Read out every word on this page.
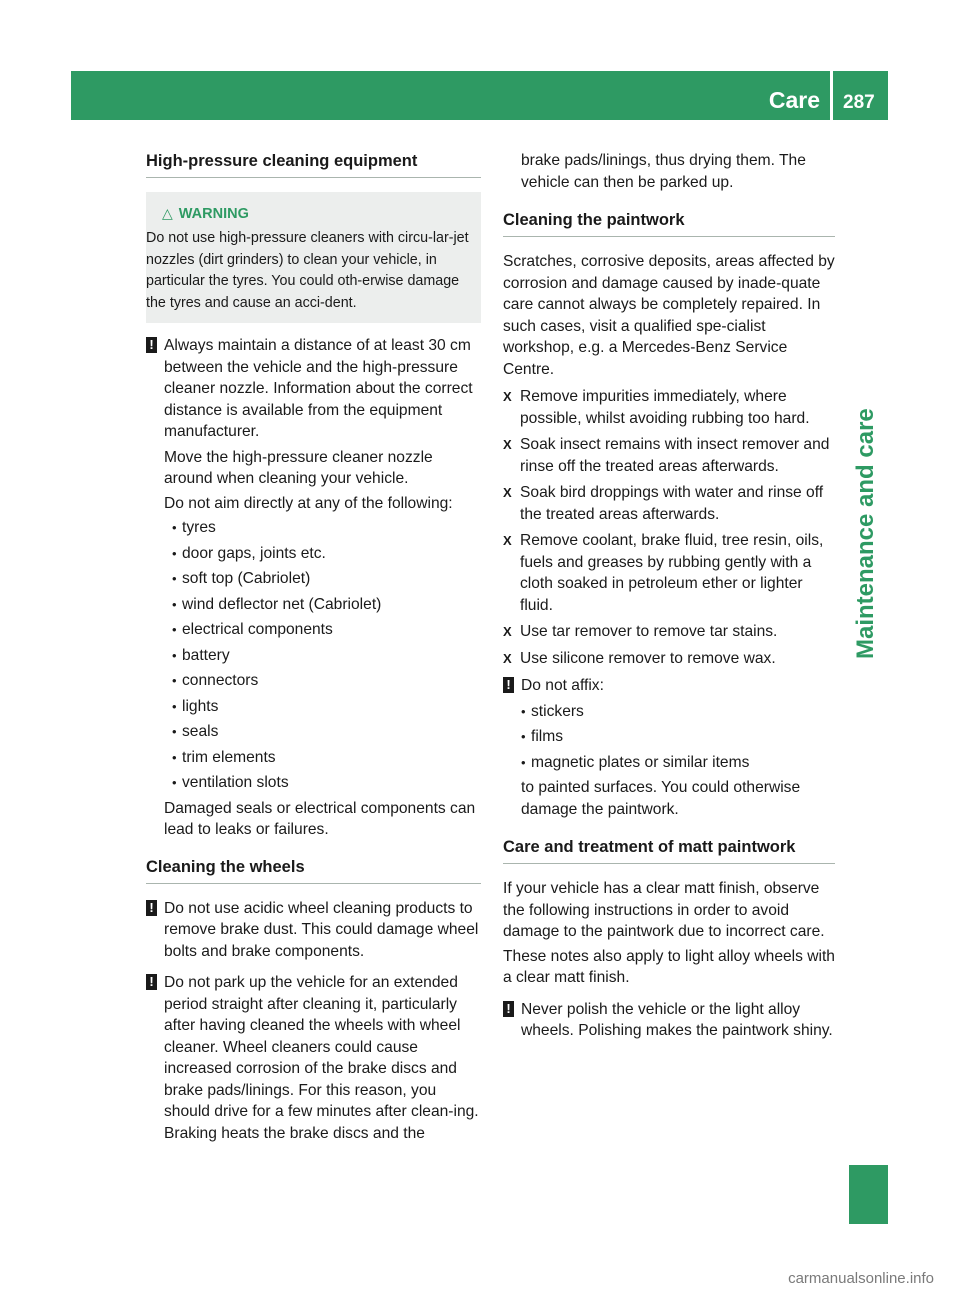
Care 287
Maintenance and care
High-pressure cleaning equipment
△ WARNING
Do not use high-pressure cleaners with circu-lar-jet nozzles (dirt grinders) to clean your vehicle, in particular the tyres. You could oth-erwise damage the tyres and cause an acci-dent.
! Always maintain a distance of at least 30 cm between the vehicle and the high-pressure cleaner nozzle. Information about the correct distance is available from the equipment manufacturer.
Move the high-pressure cleaner nozzle around when cleaning your vehicle.
Do not aim directly at any of the following:
• tyres
• door gaps, joints etc.
• soft top (Cabriolet)
• wind deflector net (Cabriolet)
• electrical components
• battery
• connectors
• lights
• seals
• trim elements
• ventilation slots
Damaged seals or electrical components can lead to leaks or failures.
Cleaning the wheels
! Do not use acidic wheel cleaning products to remove brake dust. This could damage wheel bolts and brake components.
! Do not park up the vehicle for an extended period straight after cleaning it, particularly after having cleaned the wheels with wheel cleaner. Wheel cleaners could cause increased corrosion of the brake discs and brake pads/linings. For this reason, you should drive for a few minutes after clean-ing. Braking heats the brake discs and the
brake pads/linings, thus drying them. The vehicle can then be parked up.
Cleaning the paintwork
Scratches, corrosive deposits, areas affected by corrosion and damage caused by inade-quate care cannot always be completely repaired. In such cases, visit a qualified spe-cialist workshop, e.g. a Mercedes-Benz Service Centre.
X Remove impurities immediately, where possible, whilst avoiding rubbing too hard.
X Soak insect remains with insect remover and rinse off the treated areas afterwards.
X Soak bird droppings with water and rinse off the treated areas afterwards.
X Remove coolant, brake fluid, tree resin, oils, fuels and greases by rubbing gently with a cloth soaked in petroleum ether or lighter fluid.
X Use tar remover to remove tar stains.
X Use silicone remover to remove wax.
! Do not affix:
• stickers
• films
• magnetic plates or similar items
to painted surfaces. You could otherwise damage the paintwork.
Care and treatment of matt paintwork
If your vehicle has a clear matt finish, observe the following instructions in order to avoid damage to the paintwork due to incorrect care.
These notes also apply to light alloy wheels with a clear matt finish.
! Never polish the vehicle or the light alloy wheels. Polishing makes the paintwork shiny.
carmanualsonline.info
